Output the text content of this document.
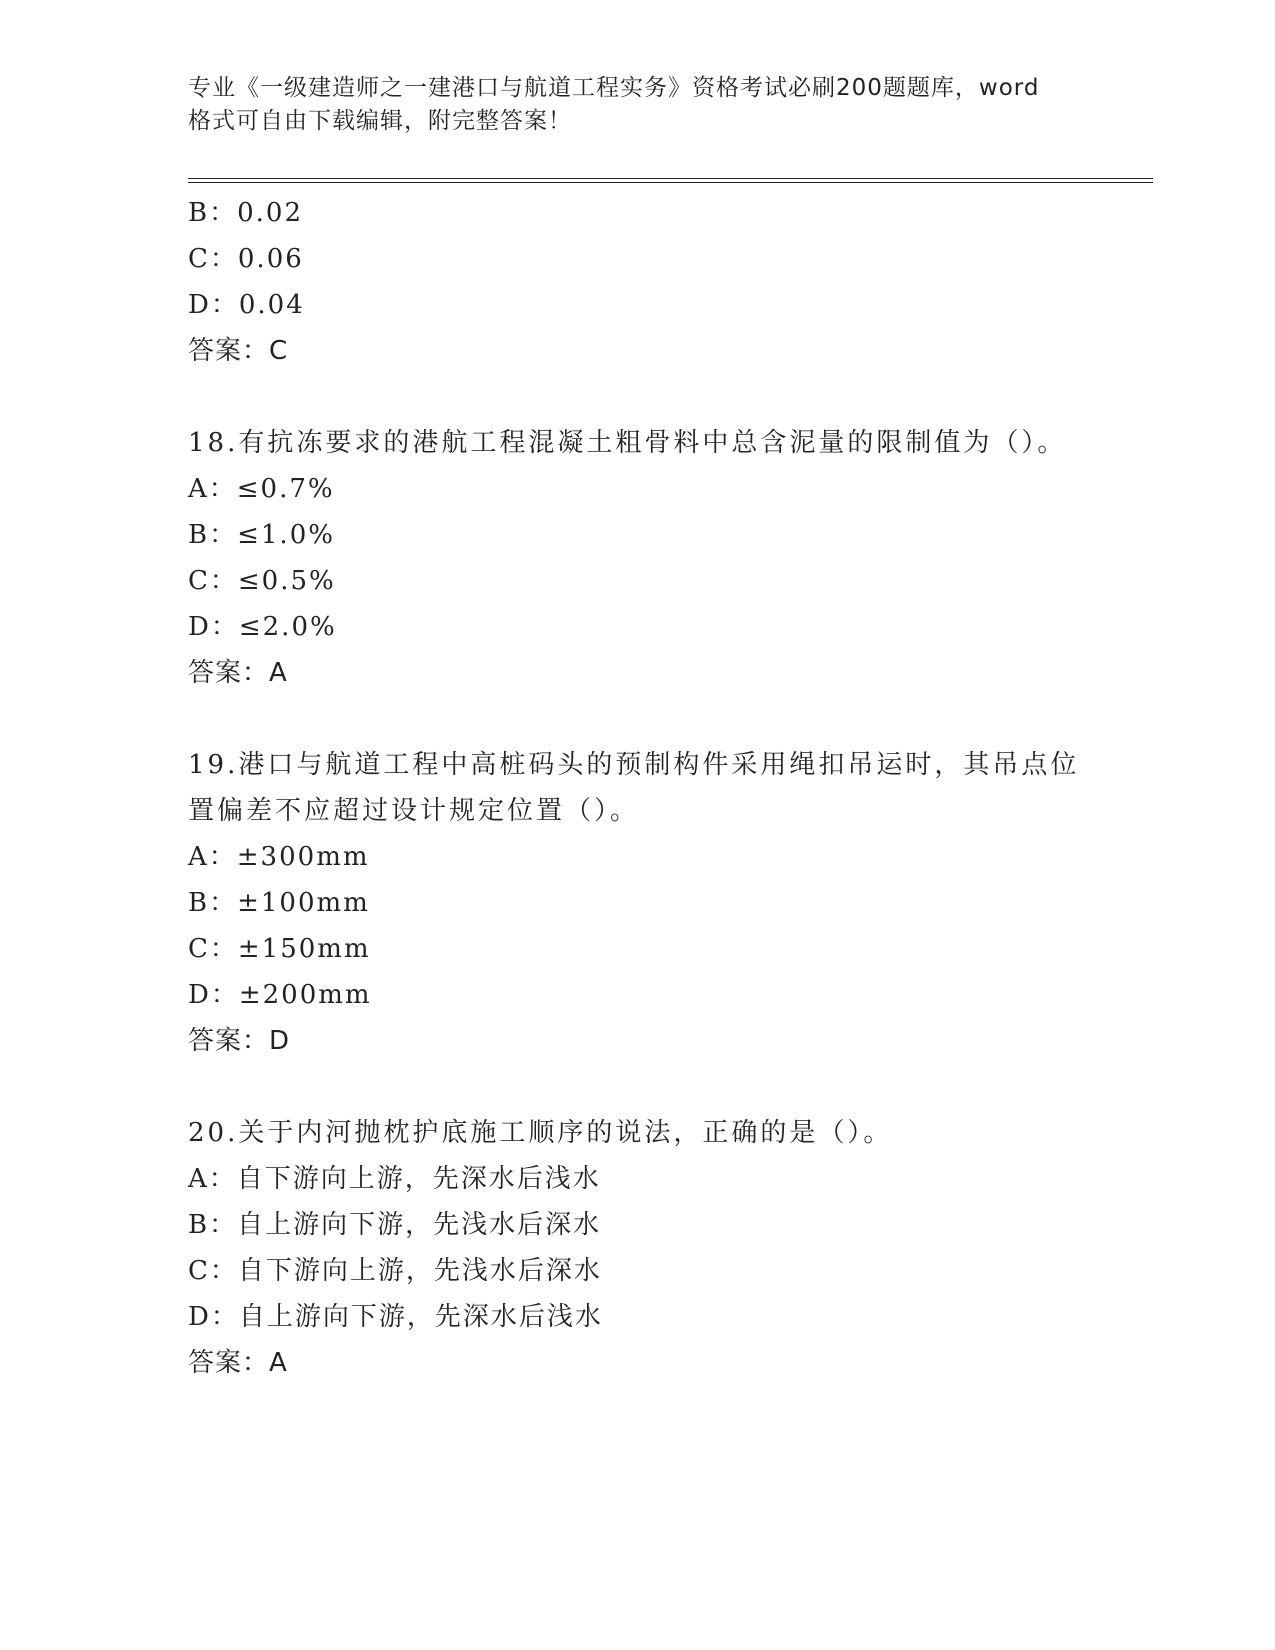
专业《一级建造师之一建港口与航道工程实务》资格考试必刷200题题库，word
格式可自由下载编辑，附完整答案！
B：0.02
C：0.06
D：0.04
答案：C
18.有抗冻要求的港航工程混凝土粗骨料中总含泥量的限制值为（）。
A：≤0.7%
B：≤1.0%
C：≤0.5%
D：≤2.0%
答案：A
19.港口与航道工程中高桩码头的预制构件采用绳扣吊运时，其吊点位
置偏差不应超过设计规定位置（）。
A：±300mm
B：±100mm
C：±150mm
D：±200mm
答案：D
20.关于内河抛枕护底施工顺序的说法，正确的是（）。
A：自下游向上游，先深水后浅水
B：自上游向下游，先浅水后深水
C：自下游向上游，先浅水后深水
D：自上游向下游，先深水后浅水
答案：A
